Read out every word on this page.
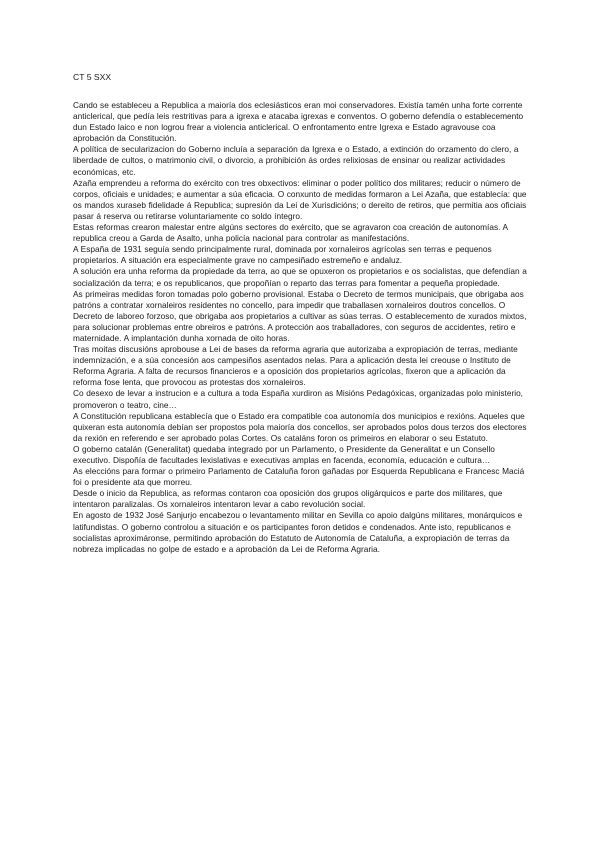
CT 5 SXX

Cando se estableceu a Republica a maioría dos eclesiásticos eran moi conservadores. Existía tamén unha forte corrente anticlerical, que pedía leis restritivas para a igrexa e atacaba igrexas e conventos. O goberno defendía o establecemento dun Estado laico e non logrou frear a violencia anticlerical. O enfrontamento entre Igrexa e Estado agravouse coa aprobación da Constitución.

A política de secularizacion do Goberno incluía a separación da Igrexa e o Estado, a extinción do orzamento do clero, a liberdade de cultos, o matrimonio civil, o divorcio, a prohibición ás ordes relixiosas de ensinar ou realizar actividades económicas, etc.

Azaña emprendeu a reforma do exército con tres obxectivos: eliminar o poder político dos militares; reducir o número de corpos, oficiais e unidades; e aumentar a súa eficacia. O conxunto de medidas formaron a Lei Azaña, que establecía: que os mandos xuraseb fidelidade á Republica; supresión da Lei de Xurisdicións; o dereito de retiros, que permitia aos oficiais pasar á reserva ou retirarse voluntariamente co soldo íntegro.

Estas reformas crearon malestar entre algúns sectores do exército, que se agravaron coa creación de autonomías. A republica creou a Garda de Asalto, unha policía nacional para controlar as manifestacións.

A España de 1931 seguía sendo principalmente rural, dominada por xornaleiros agrícolas sen terras e pequenos propietarios. A situación era especialmente grave no campesiñado estremeño e andaluz.

A solución era unha reforma da propiedade da terra, ao que se opuxeron os propietarios e os socialistas, que defendían a socialización da terra; e os republicanos, que propoñían o reparto das terras para fomentar a pequeña propiedade.

As primeiras medidas foron tomadas polo goberno provisional. Estaba o Decreto de termos municipais, que obrigaba aos patróns a contratar xornaleiros residentes no concello, para impedir que traballasen xornaleiros doutros concellos. O Decreto de laboreo forzoso, que obrigaba aos propietarios a cultivar as súas terras. O establecemento de xurados mixtos, para solucionar problemas entre obreiros e patróns. A protección aos traballadores, con seguros de accidentes, retiro e maternidade. A implantación dunha xornada de oito horas.

Tras moitas discusións aprobouse a Lei de bases da reforma agraria que autorizaba a expropiación de terras, mediante indemnización, e a súa concesión aos campesiños asentados nelas. Para a aplicación desta lei creouse o Instituto de Reforma Agraria. A falta de recursos financieros e a oposición dos propietarios agrícolas, fixeron que a aplicación da reforma fose lenta, que provocou as protestas dos xornaleiros.

Co desexo de levar a instrucion e a cultura a toda España xurdiron as Misións Pedagóxicas, organizadas polo ministerio, promoveron o teatro, cine…

A Constitución republicana establecía que o Estado era compatible coa autonomía dos municipios e rexións. Aqueles que quixeran esta autonomía debían ser propostos pola maioría dos concellos, ser aprobados polos dous terzos dos electores da rexión en referendo e ser aprobado polas Cortes. Os cataláns foron os primeiros en elaborar o seu Estatuto.

O goberno catalán (Generalitat) quedaba integrado por un Parlamento, o Presidente da Generalitat e un Consello executivo. Dispoñía de facultades lexislativas e executivas amplas en facenda, economía, educación e cultura…

As eleccións para formar o primeiro Parlamento de Cataluña foron gañadas por Esquerda Republicana e Francesc Maciá foi o presidente ata que morreu.

Desde o inicio da Republica, as reformas contaron coa oposición dos grupos oligárquicos e parte dos militares, que intentaron paralizalas. Os xornaleiros intentaron levar a cabo revolución social.

En agosto de 1932 José Sanjurjo encabezou o levantamento militar en Sevilla co apoio dalgúns militares, monárquicos e latifundistas. O goberno controlou a situación e os participantes foron detidos e condenados. Ante isto, republicanos e socialistas aproximáronse, permitindo aprobación do Estatuto de Autonomía de Cataluña, a expropiación de terras da nobreza implicadas no golpe de estado e a aprobación da Lei de Reforma Agraria.
